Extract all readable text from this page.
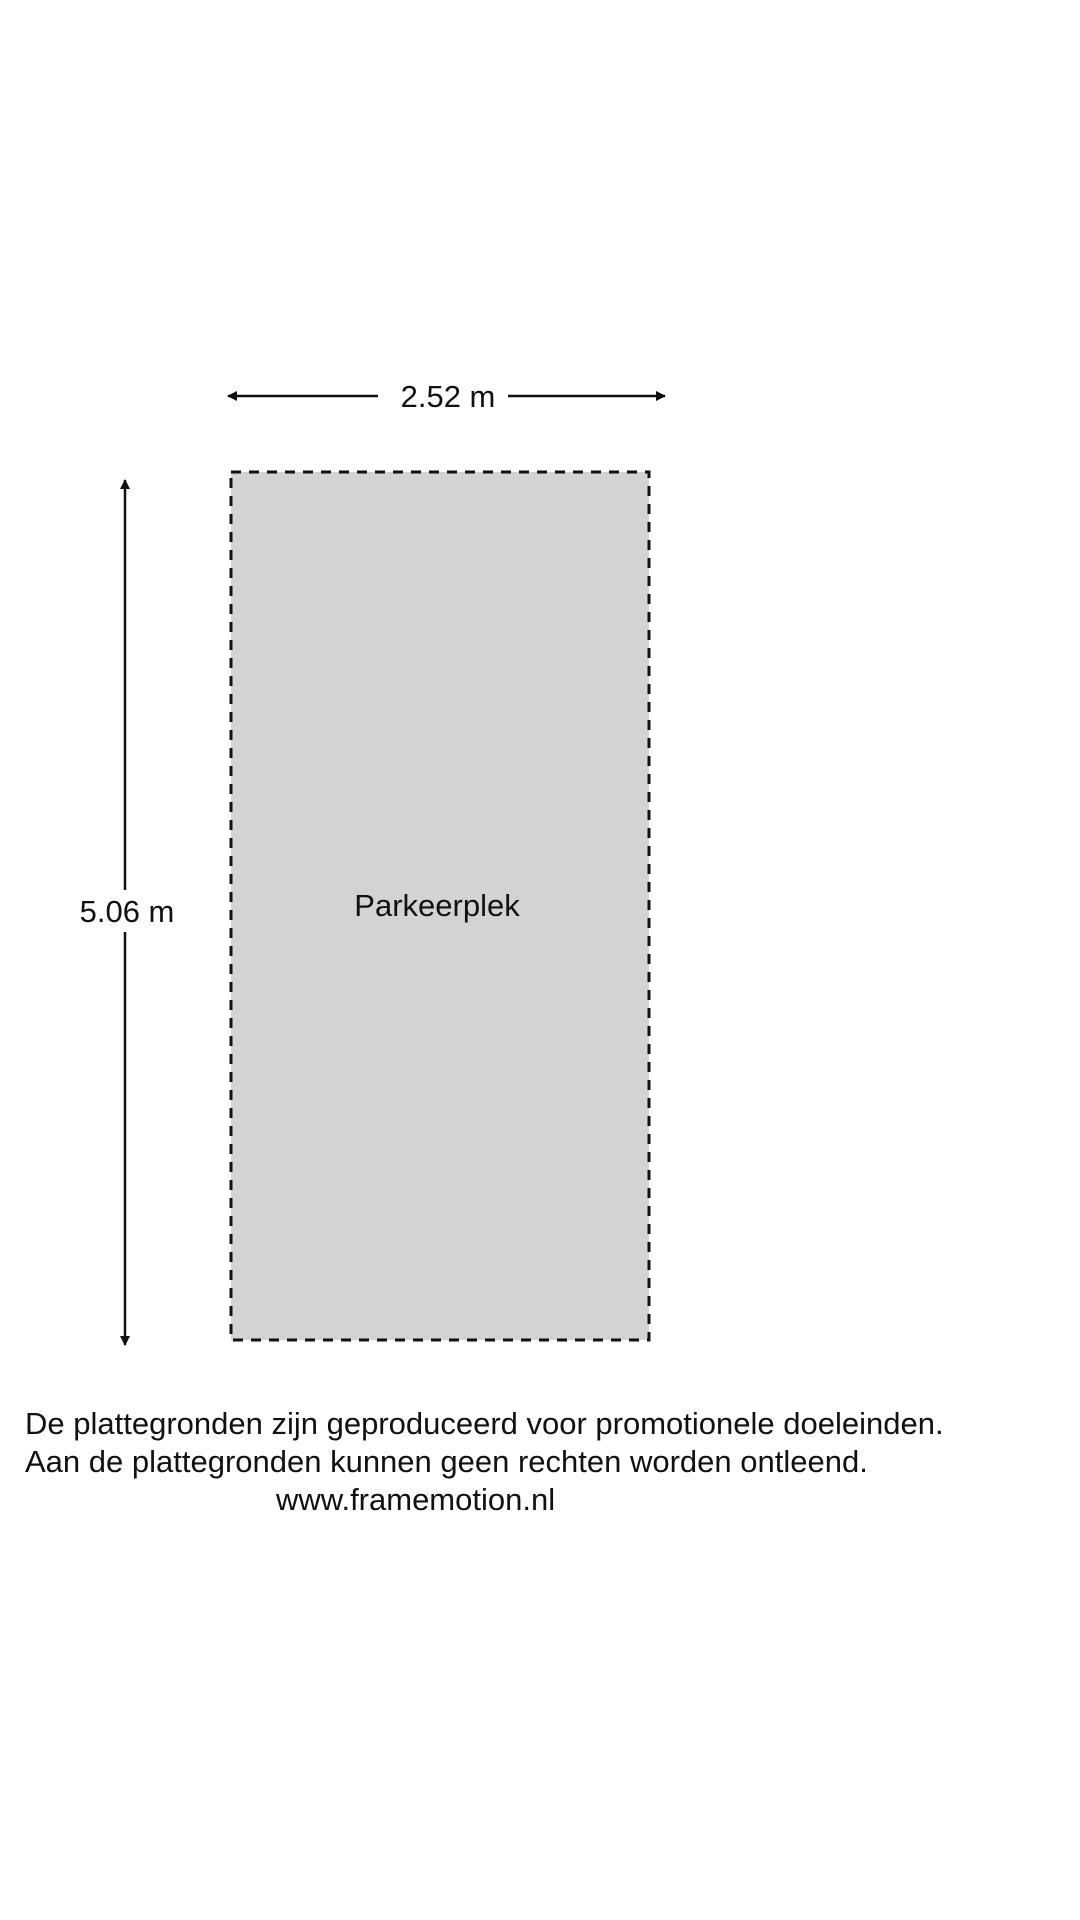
2.52 m
5.06 m	Parkeerplek
De plattegronden zijn geproduceerd voor promotionele doeleinden.
Aan de plattegronden kunnen geen rechten worden ontleend.
www.framemotion.nl
